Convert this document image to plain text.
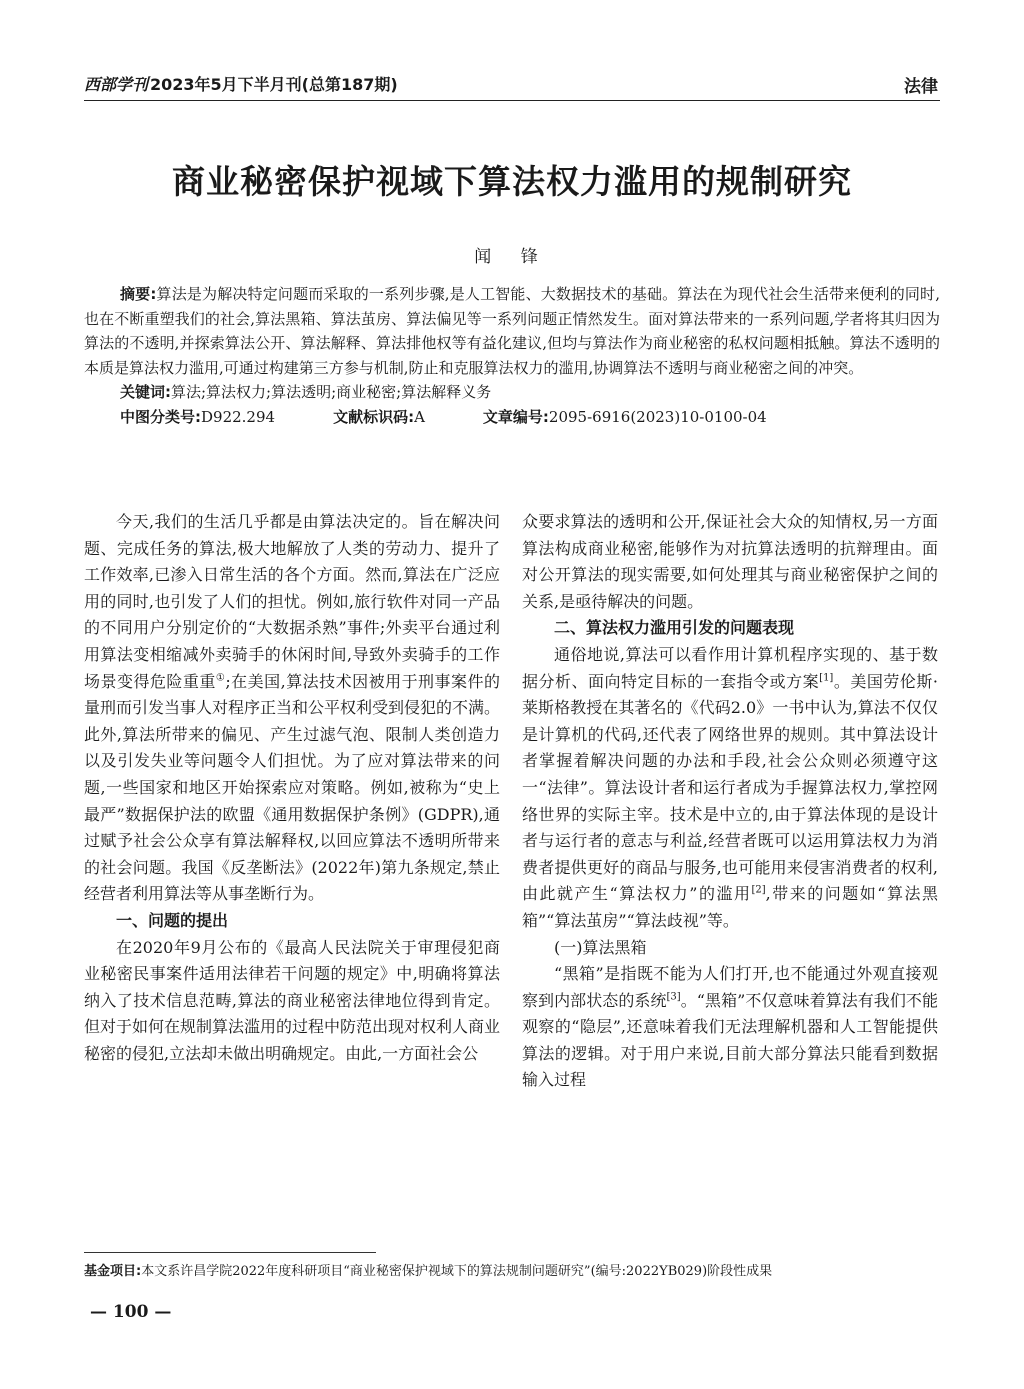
西部学刊 2023年5月下半月刊(总第187期)	法律
商业秘密保护视域下算法权力滥用的规制研究
闻 锋

摘要:算法是为解决特定问题而采取的一系列步骤,是人工智能、大数据技术的基础。算法在为现代社会生活带来便利的同时,也在不断重塑我们的社会,算法黑箱、算法茧房、算法偏见等一系列问题正情然发生。面对算法带来的一系列问题,学者将其归因为算法的不透明,并探索算法公开、算法解释、算法排他权等有益化建议,但均与算法作为商业秘密的私权问题相抵触。算法不透明的本质是算法权力滥用,可通过构建第三方参与机制,防止和克服算法权力的滥用,协调算法不透明与商业秘密之间的冲突。

关键词:算法;算法权力;算法透明;商业秘密;算法解释义务

中图分类号:D922.294	文献标识码:A	文章编号:2095-6916(2023)10-0100-04

今天,我们的生活几乎都是由算法决定的。旨在解决问题、完成任务的算法,极大地解放了人类的劳动力、提升了工作效率,已渗入日常生活的各个方面。然而,算法在广泛应用的同时,也引发了人们的担忧。例如,旅行软件对同一产品的不同用户分别定价的“大数据杀熟”事件;外卖平台通过利用算法变相缩减外卖骑手的休闲时间,导致外卖骑手的工作场景变得危险重重①;在美国,算法技术因被用于刑事案件的量刑而引发当事人对程序正当和公平权利受到侵犯的不满。此外,算法所带来的偏见、产生过滤气泡、限制人类创造力以及引发失业等问题令人们担忧。为了应对算法带来的问题,一些国家和地区开始探索应对策略。例如,被称为“史上最严”数据保护法的欧盟《通用数据保护条例》(GDPR),通过赋予社会公众享有算法解释权,以回应算法不透明所带来的社会问题。我国《反垄断法》(2022年)第九条规定,禁止经营者利用算法等从事垄断行为。

一、问题的提出

在2020年9月公布的《最高人民法院关于审理侵犯商业秘密民事案件适用法律若干问题的规定》中,明确将算法纳入了技术信息范畴,算法的商业秘密法律地位得到肯定。但对于如何在规制算法滥用的过程中防范出现对权利人商业秘密的侵犯,立法却未做出明确规定。由此,一方面社会公

众要求算法的透明和公开,保证社会大众的知情权,另一方面算法构成商业秘密,能够作为对抗算法透明的抗辩理由。面对公开算法的现实需要,如何处理其与商业秘密保护之间的关系,是亟待解决的问题。

二、算法权力滥用引发的问题表现

通俗地说,算法可以看作用计算机程序实现的、基于数据分析、面向特定目标的一套指令或方案[1]。美国劳伦斯·莱斯格教授在其著名的《代码2.0》一书中认为,算法不仅仅是计算机的代码,还代表了网络世界的规则。其中算法设计者掌握着解决问题的办法和手段,社会公众则必须遵守这一“法律”。算法设计者和运行者成为手握算法权力,掌控网络世界的实际主宰。技术是中立的,由于算法体现的是设计者与运行者的意志与利益,经营者既可以运用算法权力为消费者提供更好的商品与服务,也可能用来侵害消费者的权利,由此就产生“算法权力”的滥用[2],带来的问题如“算法黑箱”“算法茧房”“算法歧视”等。

(一)算法黑箱

“黑箱”是指既不能为人们打开,也不能通过外观直接观察到内部状态的系统[3]。“黑箱”不仅意味着算法有我们不能观察的“隐层”,还意味着我们无法理解机器和人工智能提供算法的逻辑。对于用户来说,目前大部分算法只能看到数据输入过程

基金项目:本文系许昌学院2022年度科研项目“商业秘密保护视域下的算法规制问题研究”(编号:2022YB029)阶段性成果
— 100 —
